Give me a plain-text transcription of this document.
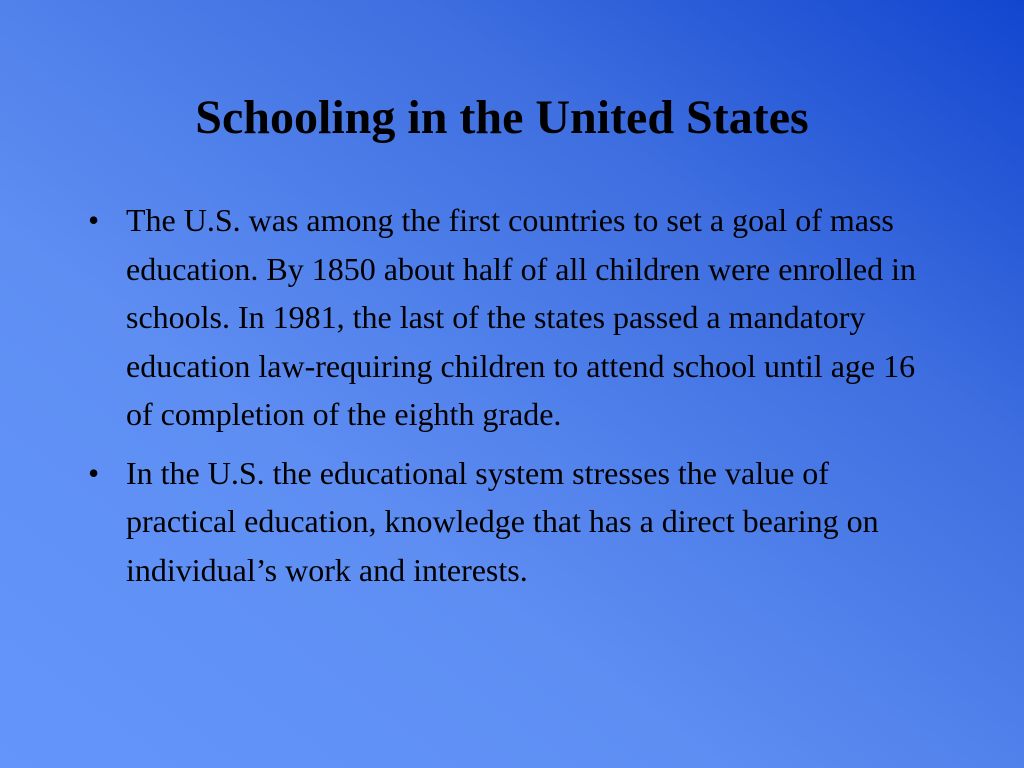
Schooling in the United States
• The U.S. was among the first countries to set a goal of mass education. By 1850 about half of all children were enrolled in schools. In 1981, the last of the states passed a mandatory education law-requiring children to attend school until age 16 of completion of the eighth grade.
• In the U.S. the educational system stresses the value of practical education, knowledge that has a direct bearing on individual’s work and interests.
